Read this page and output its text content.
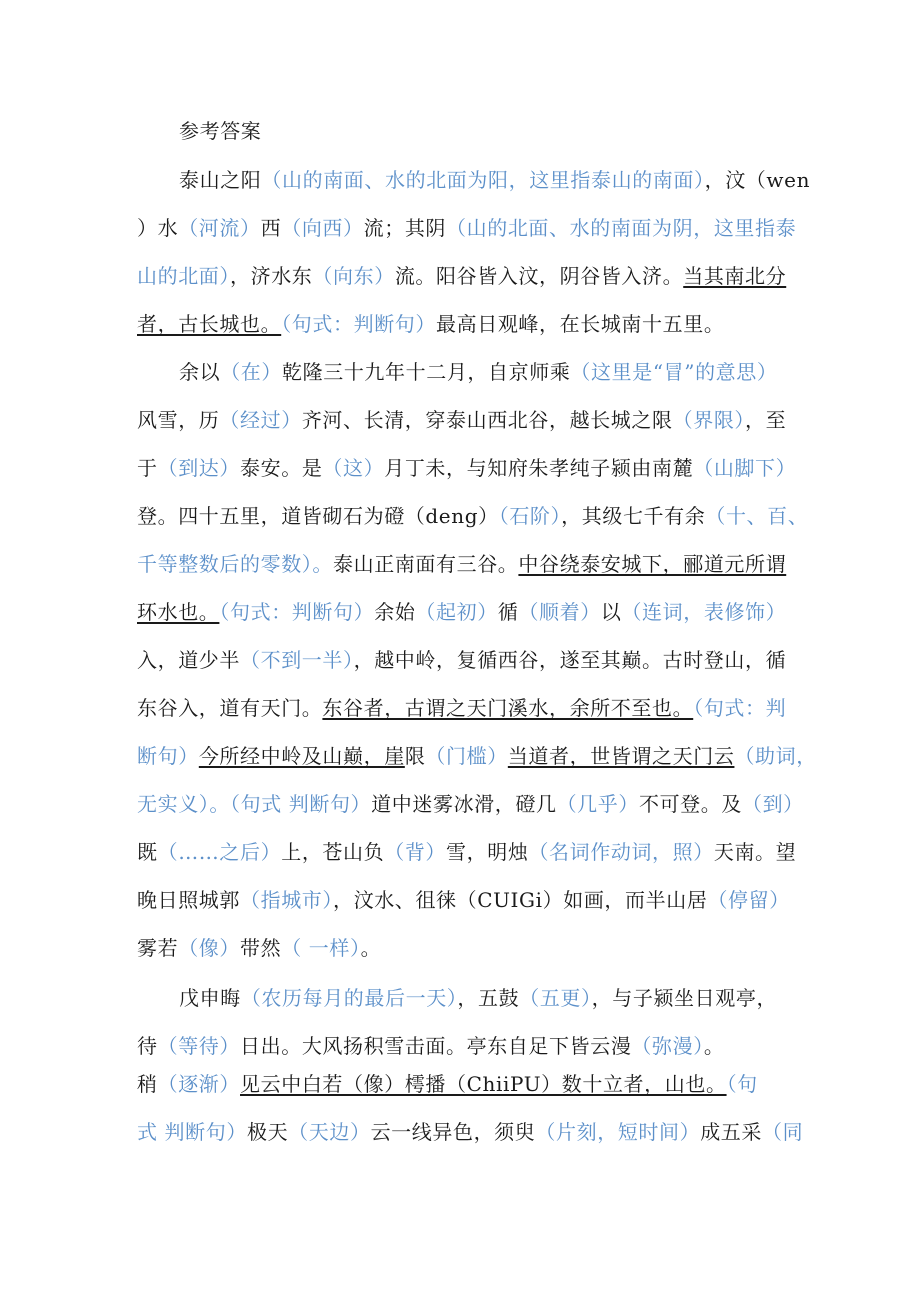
参考答案
泰山之阳（山的南面、水的北面为阳，这里指泰山的南面），汶（wen
）水（河流）西（向西）流；其阴（山的北面、水的南面为阴，这里指泰
山的北面），济水东（向东）流。阳谷皆入汶，阴谷皆入济。当其南北分
者，古长城也。（句式：判断句）最高日观峰，在长城南十五里。
余以（在）乾隆三十九年十二月，自京师乘（这里是“冒”的意思）
风雪，历（经过）齐河、长清，穿泰山西北谷，越长城之限（界限），至
于（到达）泰安。是（这）月丁未，与知府朱孝纯子颍由南麓（山脚下）
登。四十五里，道皆砌石为磴（deng）（石阶），其级七千有余（十、百、
千等整数后的零数）。泰山正南面有三谷。中谷绕泰安城下，郦道元所谓
环水也。（句式：判断句）余始（起初）循（顺着）以（连词，表修饰）
入，道少半（不到一半），越中岭，复循西谷，遂至其巅。古时登山，循
东谷入，道有天门。东谷者，古谓之天门溪水，余所不至也。（句式：判
断句）今所经中岭及山巅，崖限（门槛）当道者，世皆谓之天门云（助词，
无实义）。（句式 判断句）道中迷雾冰滑，磴几（几乎）不可登。及（到）
既（……之后）上，苍山负（背）雪，明烛（名词作动词，照）天南。望
晚日照城郭（指城市），汶水、徂徕（CUIGi）如画，而半山居（停留）
雾若（像）带然（ 一样）。
戊申晦（农历每月的最后一天），五鼓（五更），与子颍坐日观亭，
待（等待）日出。大风扬积雪击面。亭东自足下皆云漫（弥漫）。
稍（逐渐）见云中白若（像）樗播（ChiiPU）数十立者，山也。（句
式 判断句）极天（天边）云一线异色，须臾（片刻，短时间）成五采（同
